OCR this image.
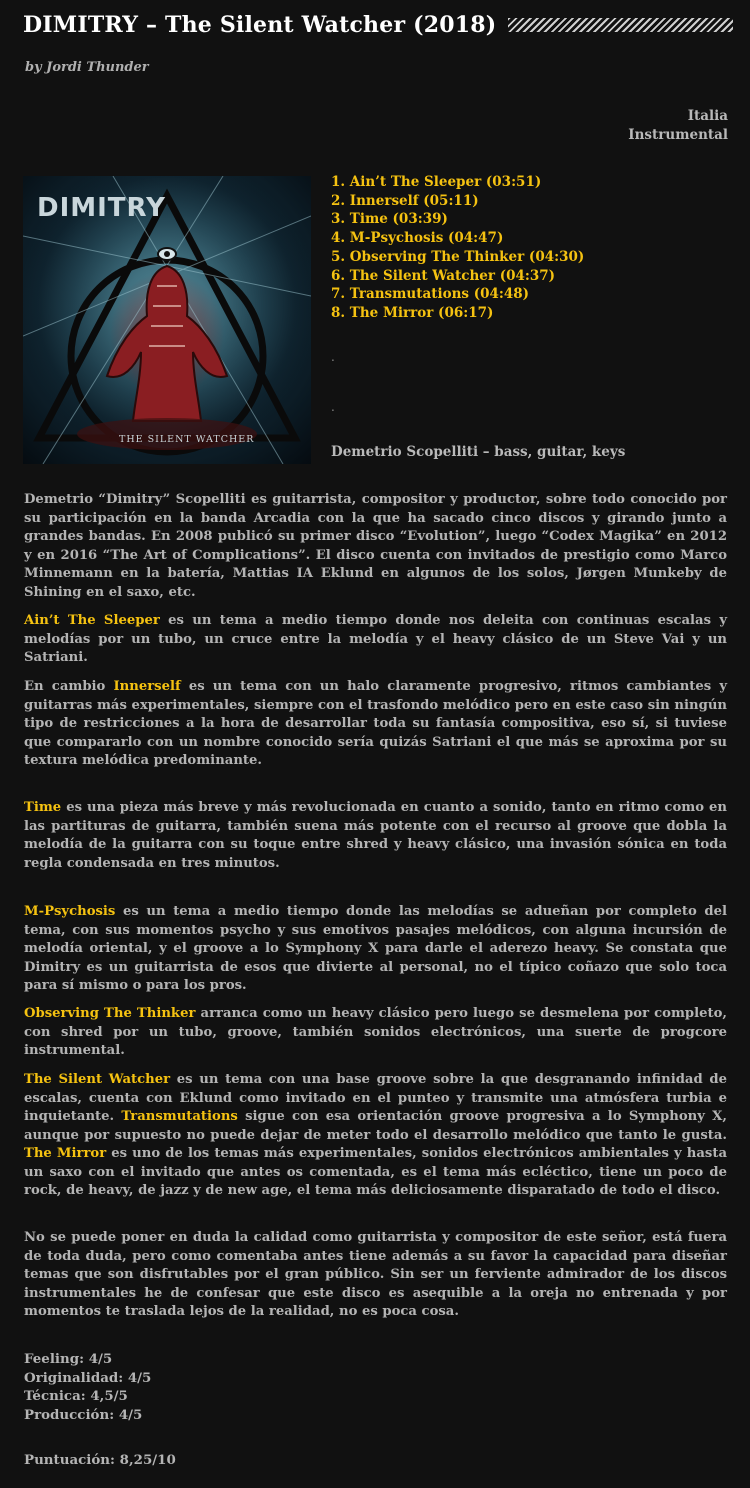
DIMITRY – The Silent Watcher (2018)
by Jordi Thunder
Italia
Instrumental
DIMITRY
THE SILENT WATCHER
1. Ain’t The Sleeper (03:51)
2. Innerself (05:11)
3. Time (03:39)
4. M-Psychosis (04:47)
5. Observing The Thinker (04:30)
6. The Silent Watcher (04:37)
7. Transmutations (04:48)
8. The Mirror (06:17)
.
.
Demetrio Scopelliti – bass, guitar, keys

Demetrio “Dimitry” Scopelliti es guitarrista, compositor y productor, sobre todo conocido por su participación en la banda Arcadia con la que ha sacado cinco discos y girando junto a grandes bandas. En 2008 publicó su primer disco “Evolution”, luego “Codex Magika” en 2012 y en 2016 “The Art of Complications”. El disco cuenta con invitados de prestigio como Marco Minnemann en la batería, Mattias IA Eklund en algunos de los solos, Jørgen Munkeby de Shining en el saxo, etc.

Ain’t The Sleeper es un tema a medio tiempo donde nos deleita con continuas escalas y melodías por un tubo, un cruce entre la melodía y el heavy clásico de un Steve Vai y un Satriani.

En cambio Innerself es un tema con un halo claramente progresivo, ritmos cambiantes y guitarras más experimentales, siempre con el trasfondo melódico pero en este caso sin ningún tipo de restricciones a la hora de desarrollar toda su fantasía compositiva, eso sí, si tuviese que compararlo con un nombre conocido sería quizás Satriani el que más se aproxima por su textura melódica predominante.

Time es una pieza más breve y más revolucionada en cuanto a sonido, tanto en ritmo como en las partituras de guitarra, también suena más potente con el recurso al groove que dobla la melodía de la guitarra con su toque entre shred y heavy clásico, una invasión sónica en toda regla condensada en tres minutos.

M-Psychosis es un tema a medio tiempo donde las melodías se adueñan por completo del tema, con sus momentos psycho y sus emotivos pasajes melódicos, con alguna incursión de melodía oriental, y el groove a lo Symphony X para darle el aderezo heavy. Se constata que Dimitry es un guitarrista de esos que divierte al personal, no el típico coñazo que solo toca para sí mismo o para los pros.

Observing The Thinker arranca como un heavy clásico pero luego se desmelena por completo, con shred por un tubo, groove, también sonidos electrónicos, una suerte de progcore instrumental.

The Silent Watcher es un tema con una base groove sobre la que desgranando infinidad de escalas, cuenta con Eklund como invitado en el punteo y transmite una atmósfera turbia e inquietante. Transmutations sigue con esa orientación groove progresiva a lo Symphony X, aunque por supuesto no puede dejar de meter todo el desarrollo melódico que tanto le gusta. The Mirror es uno de los temas más experimentales, sonidos electrónicos ambientales y hasta un saxo con el invitado que antes os comentada, es el tema más ecléctico, tiene un poco de rock, de heavy, de jazz y de new age, el tema más deliciosamente disparatado de todo el disco.

No se puede poner en duda la calidad como guitarrista y compositor de este señor, está fuera de toda duda, pero como comentaba antes tiene además a su favor la capacidad para diseñar temas que son disfrutables por el gran público. Sin ser un ferviente admirador de los discos instrumentales he de confesar que este disco es asequible a la oreja no entrenada y por momentos te traslada lejos de la realidad, no es poca cosa.

Feeling: 4/5
Originalidad: 4/5
Técnica: 4,5/5
Producción: 4/5
Puntuación: 8,25/10
